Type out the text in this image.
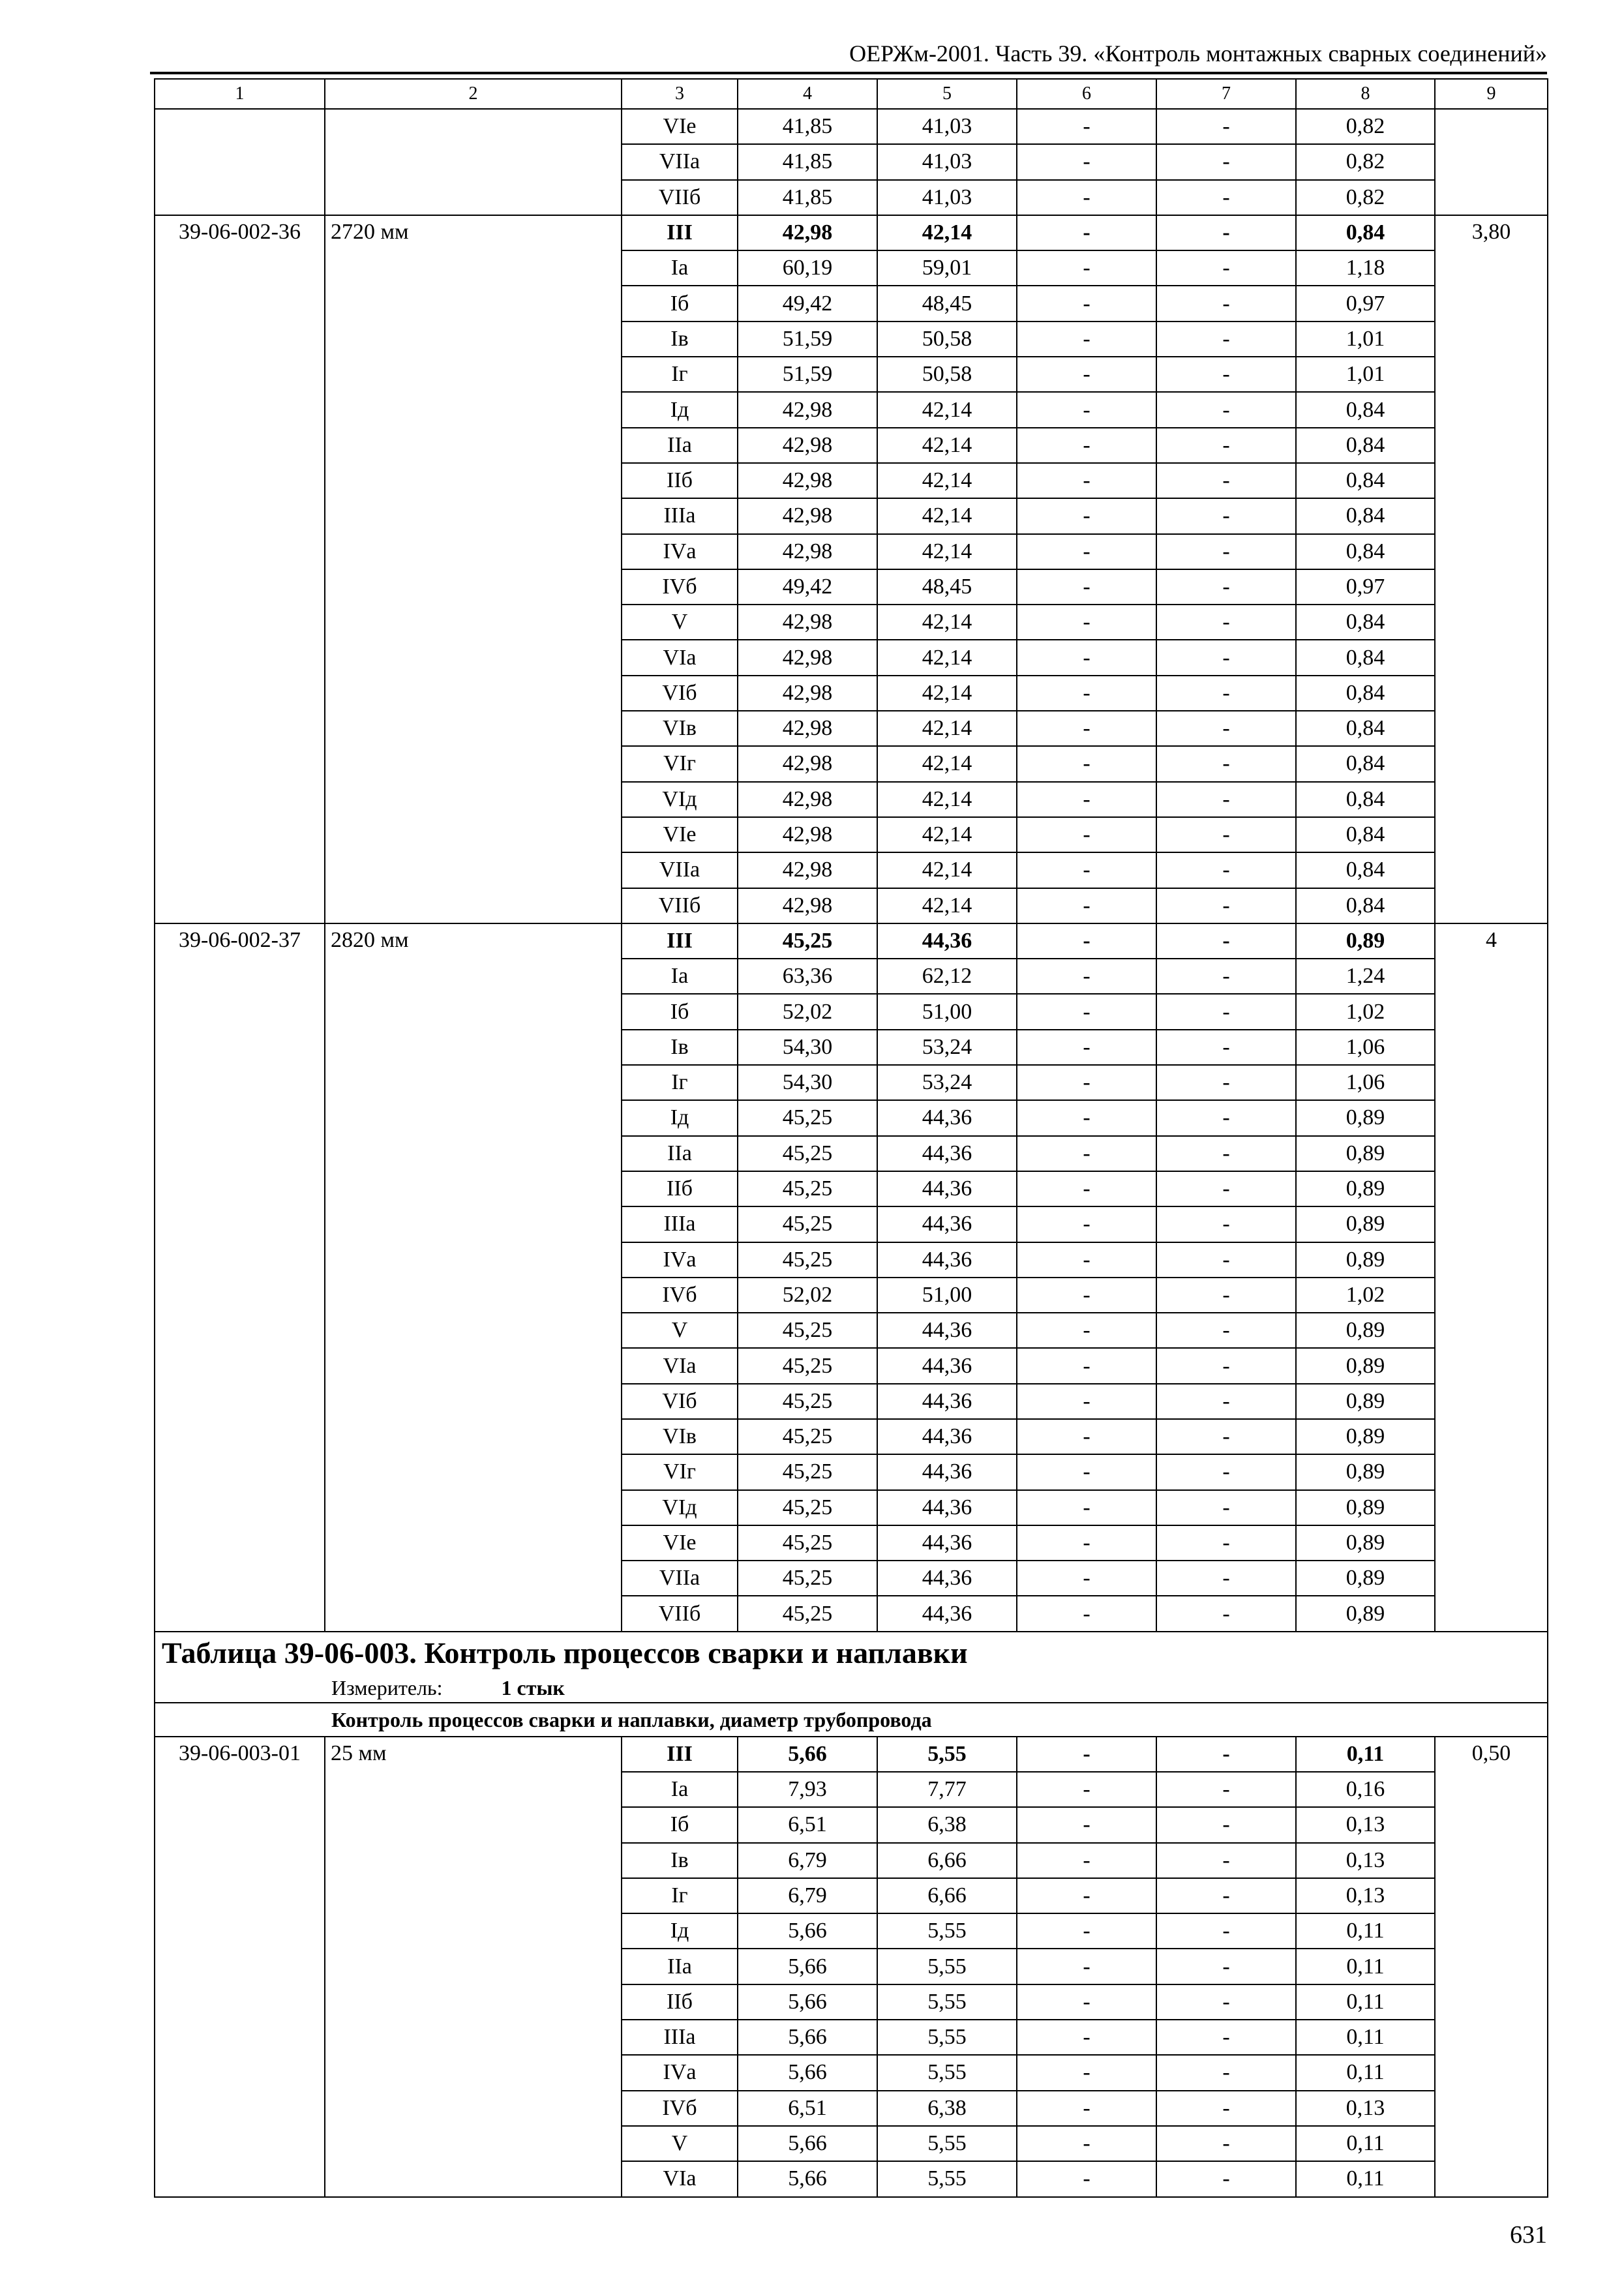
ОЕРЖм-2001. Часть 39. «Контроль монтажных сварных соединений»
1	2	3	4	5	6	7	8	9
		VIе	41,85	41,03	-	-	0,82	
		VIIа	41,85	41,03	-	-	0,82	
		VIIб	41,85	41,03	-	-	0,82	
39-06-002-36	2720 мм	III	42,98	42,14	-	-	0,84	3,80
		Iа	60,19	59,01	-	-	1,18	
		Iб	49,42	48,45	-	-	0,97	
		Iв	51,59	50,58	-	-	1,01	
		Iг	51,59	50,58	-	-	1,01	
		Iд	42,98	42,14	-	-	0,84	
		IIа	42,98	42,14	-	-	0,84	
		IIб	42,98	42,14	-	-	0,84	
		IIIа	42,98	42,14	-	-	0,84	
		IVа	42,98	42,14	-	-	0,84	
		IVб	49,42	48,45	-	-	0,97	
		V	42,98	42,14	-	-	0,84	
		VIа	42,98	42,14	-	-	0,84	
		VIб	42,98	42,14	-	-	0,84	
		VIв	42,98	42,14	-	-	0,84	
		VIг	42,98	42,14	-	-	0,84	
		VIд	42,98	42,14	-	-	0,84	
		VIе	42,98	42,14	-	-	0,84	
		VIIа	42,98	42,14	-	-	0,84	
		VIIб	42,98	42,14	-	-	0,84	
39-06-002-37	2820 мм	III	45,25	44,36	-	-	0,89	4
		Iа	63,36	62,12	-	-	1,24	
		Iб	52,02	51,00	-	-	1,02	
		Iв	54,30	53,24	-	-	1,06	
		Iг	54,30	53,24	-	-	1,06	
		Iд	45,25	44,36	-	-	0,89	
		IIа	45,25	44,36	-	-	0,89	
		IIб	45,25	44,36	-	-	0,89	
		IIIа	45,25	44,36	-	-	0,89	
		IVа	45,25	44,36	-	-	0,89	
		IVб	52,02	51,00	-	-	1,02	
		V	45,25	44,36	-	-	0,89	
		VIа	45,25	44,36	-	-	0,89	
		VIб	45,25	44,36	-	-	0,89	
		VIв	45,25	44,36	-	-	0,89	
		VIг	45,25	44,36	-	-	0,89	
		VIд	45,25	44,36	-	-	0,89	
		VIе	45,25	44,36	-	-	0,89	
		VIIа	45,25	44,36	-	-	0,89	
		VIIб	45,25	44,36	-	-	0,89	
Таблица 39-06-003. Контроль процессов сварки и наплавки								
Измеритель: 1 стык								
Контроль процессов сварки и наплавки, диаметр трубопровода								
39-06-003-01	25 мм	III	5,66	5,55	-	-	0,11	0,50
		Iа	7,93	7,77	-	-	0,16	
		Iб	6,51	6,38	-	-	0,13	
		Iв	6,79	6,66	-	-	0,13	
		Iг	6,79	6,66	-	-	0,13	
		Iд	5,66	5,55	-	-	0,11	
		IIа	5,66	5,55	-	-	0,11	
		IIб	5,66	5,55	-	-	0,11	
		IIIа	5,66	5,55	-	-	0,11	
		IVа	5,66	5,55	-	-	0,11	
		IVб	6,51	6,38	-	-	0,13	
		V	5,66	5,55	-	-	0,11	
		VIа	5,66	5,55	-	-	0,11	
631
